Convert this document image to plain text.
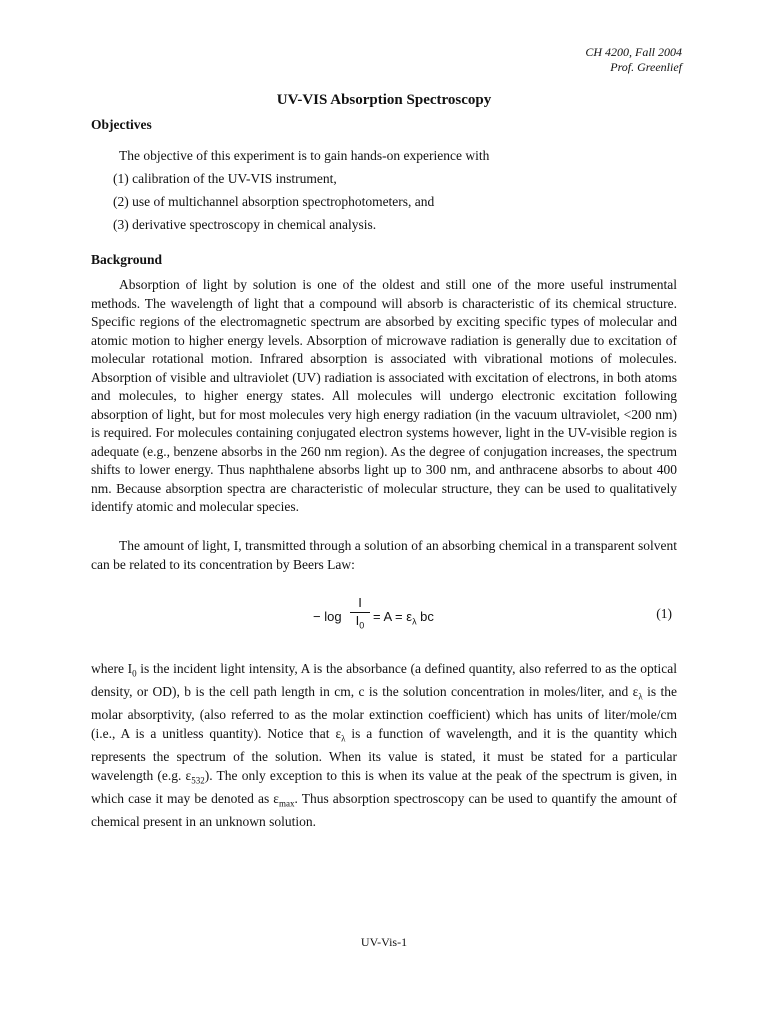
CH 4200, Fall 2004
Prof. Greenlief
UV-VIS Absorption Spectroscopy
Objectives

The objective of this experiment is to gain hands-on experience with

(1) calibration of the UV-VIS instrument,
(2) use of multichannel absorption spectrophotometers, and
(3) derivative spectroscopy in chemical analysis.
Background

Absorption of light by solution is one of the oldest and still one of the more useful instrumental methods. The wavelength of light that a compound will absorb is characteristic of its chemical structure. Specific regions of the electromagnetic spectrum are absorbed by exciting specific types of molecular and atomic motion to higher energy levels. Absorption of microwave radiation is generally due to excitation of molecular rotational motion. Infrared absorption is associated with vibrational motions of molecules. Absorption of visible and ultraviolet (UV) radiation is associated with excitation of electrons, in both atoms and molecules, to higher energy states. All molecules will undergo electronic excitation following absorption of light, but for most molecules very high energy radiation (in the vacuum ultraviolet, <200 nm) is required. For molecules containing conjugated electron systems however, light in the UV-visible region is adequate (e.g., benzene absorbs in the 260 nm region). As the degree of conjugation increases, the spectrum shifts to lower energy. Thus naphthalene absorbs light up to 300 nm, and anthracene absorbs to about 400 nm. Because absorption spectra are characteristic of molecular structure, they can be used to qualitatively identify atomic and molecular species.

The amount of light, I, transmitted through a solution of an absorbing chemical in a transparent solvent can be related to its concentration by Beers Law:

− log
I
$I_0$
= $A = \varepsilon_\lambda$ bc	(1)

where $I_0$ is the incident light intensity, A is the absorbance (a defined quantity, also referred to as the optical density, or OD), b is the cell path length in cm, c is the solution concentration in moles/liter, and $\varepsilon_\lambda$ is the molar absorptivity, (also referred to as the molar extinction coefficient) which has units of liter/mole/cm (i.e., A is a unitless quantity). Notice that $\varepsilon_\lambda$ is a function of wavelength, and it is the quantity which represents the spectrum of the solution. When its value is stated, it must be stated for a particular wavelength (e.g. $\varepsilon_{532}$). The only exception to this is when its value at the peak of the spectrum is given, in which case it may be denoted as $\varepsilon_{max}$. Thus absorption spectroscopy can be used to quantify the amount of chemical present in an unknown solution.

UV-Vis-1
